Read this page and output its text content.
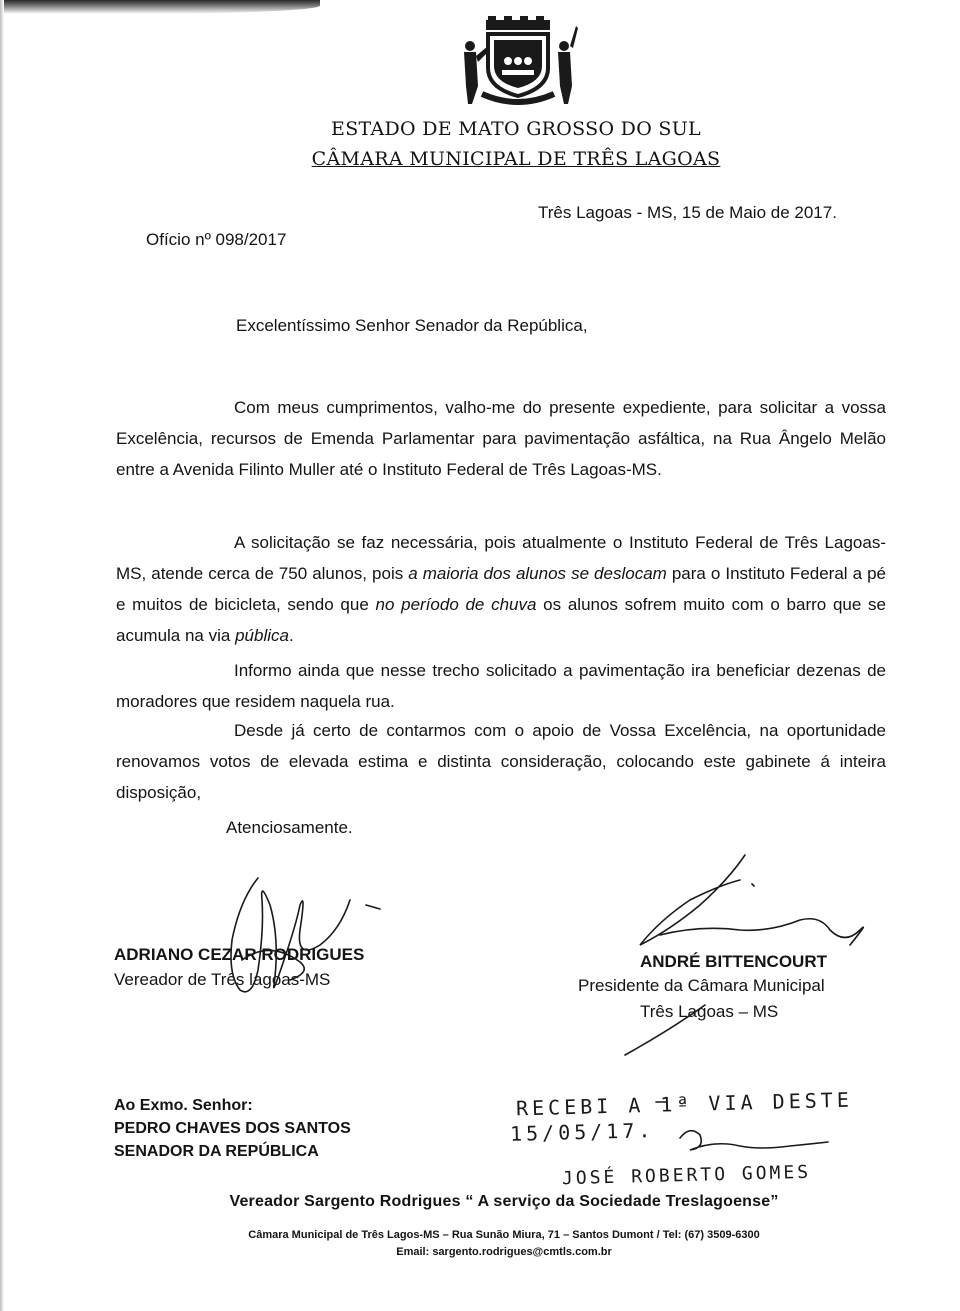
ESTADO DE MATO GROSSO DO SUL
CÂMARA MUNICIPAL DE TRÊS LAGOAS
Três Lagoas - MS, 15 de Maio de 2017.
Ofício nº 098/2017
Excelentíssimo Senhor Senador da República,
Com meus cumprimentos, valho-me do presente expediente, para solicitar a vossa Excelência, recursos de Emenda Parlamentar para pavimentação asfáltica, na Rua Ângelo Melão entre a Avenida Filinto Muller até o Instituto Federal de Três Lagoas-MS.
A solicitação se faz necessária, pois atualmente o Instituto Federal de Três Lagoas-MS, atende cerca de 750 alunos, pois a maioria dos alunos se deslocam para o Instituto Federal a pé e muitos de bicicleta, sendo que no período de chuva os alunos sofrem muito com o barro que se acumula na via pública.
Informo ainda que nesse trecho solicitado a pavimentação ira beneficiar dezenas de moradores que residem naquela rua.
Desde já certo de contarmos com o apoio de Vossa Excelência, na oportunidade renovamos votos de elevada estima e distinta consideração, colocando este gabinete á inteira disposição,
Atenciosamente.
ADRIANO CEZAR RODRIGUES
Vereador de Três lagoas-MS
ANDRÉ BITTENCOURT
Presidente da Câmara Municipal
Três Lagoas – MS
Ao Exmo. Senhor:
PEDRO CHAVES DOS SANTOS
SENADOR DA REPÚBLICA
RECEBI A 1ª VIA DESTE
15/05/17.
JOSÉ ROBERTO GOMES
Vereador Sargento Rodrigues “ A serviço da Sociedade Treslagoense”
Câmara Municipal de Três Lagos-MS – Rua Sunão Miura, 71 – Santos Dumont / Tel: (67) 3509-6300
Email: sargento.rodrigues@cmtls.com.br
